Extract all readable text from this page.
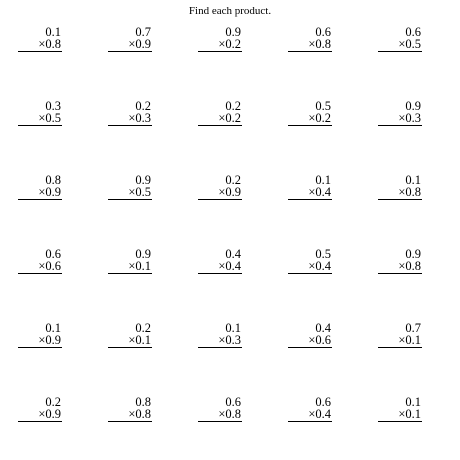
Find each product.
0.1
×0.8
0.7
×0.9
0.9
×0.2
0.6
×0.8
0.6
×0.5
0.3
×0.5
0.2
×0.3
0.2
×0.2
0.5
×0.2
0.9
×0.3
0.8
×0.9
0.9
×0.5
0.2
×0.9
0.1
×0.4
0.1
×0.8
0.6
×0.6
0.9
×0.1
0.4
×0.4
0.5
×0.4
0.9
×0.8
0.1
×0.9
0.2
×0.1
0.1
×0.3
0.4
×0.6
0.7
×0.1
0.2
×0.9
0.8
×0.8
0.6
×0.8
0.6
×0.4
0.1
×0.1
